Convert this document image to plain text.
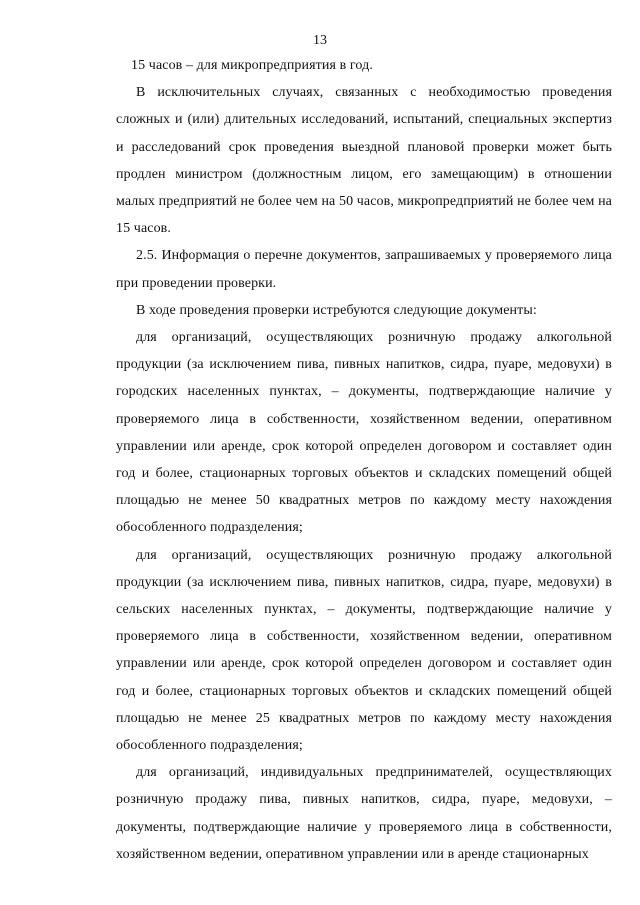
13

15 часов – для микропредприятия в год.

В исключительных случаях, связанных с необходимостью проведения сложных и (или) длительных исследований, испытаний, специальных экспертиз и расследований срок проведения выездной плановой проверки может быть продлен министром (должностным лицом, его замещающим) в отношении малых предприятий не более чем на 50 часов, микропредприятий не более чем на 15 часов.

2.5. Информация о перечне документов, запрашиваемых у проверяемого лица при проведении проверки.

В ходе проведения проверки истребуются следующие документы:

для организаций, осуществляющих розничную продажу алкогольной продукции (за исключением пива, пивных напитков, сидра, пуаре, медовухи) в городских населенных пунктах, – документы, подтверждающие наличие у проверяемого лица в собственности, хозяйственном ведении, оперативном управлении или аренде, срок которой определен договором и составляет один год и более, стационарных торговых объектов и складских помещений общей площадью не менее 50 квадратных метров по каждому месту нахождения обособленного подразделения;

для организаций, осуществляющих розничную продажу алкогольной продукции (за исключением пива, пивных напитков, сидра, пуаре, медовухи) в сельских населенных пунктах, – документы, подтверждающие наличие у проверяемого лица в собственности, хозяйственном ведении, оперативном управлении или аренде, срок которой определен договором и составляет один год и более, стационарных торговых объектов и складских помещений общей площадью не менее 25 квадратных метров по каждому месту нахождения обособленного подразделения;

для организаций, индивидуальных предпринимателей, осуществляющих розничную продажу пива, пивных напитков, сидра, пуаре, медовухи, – документы, подтверждающие наличие у проверяемого лица в собственности, хозяйственном ведении, оперативном управлении или в аренде стационарных
